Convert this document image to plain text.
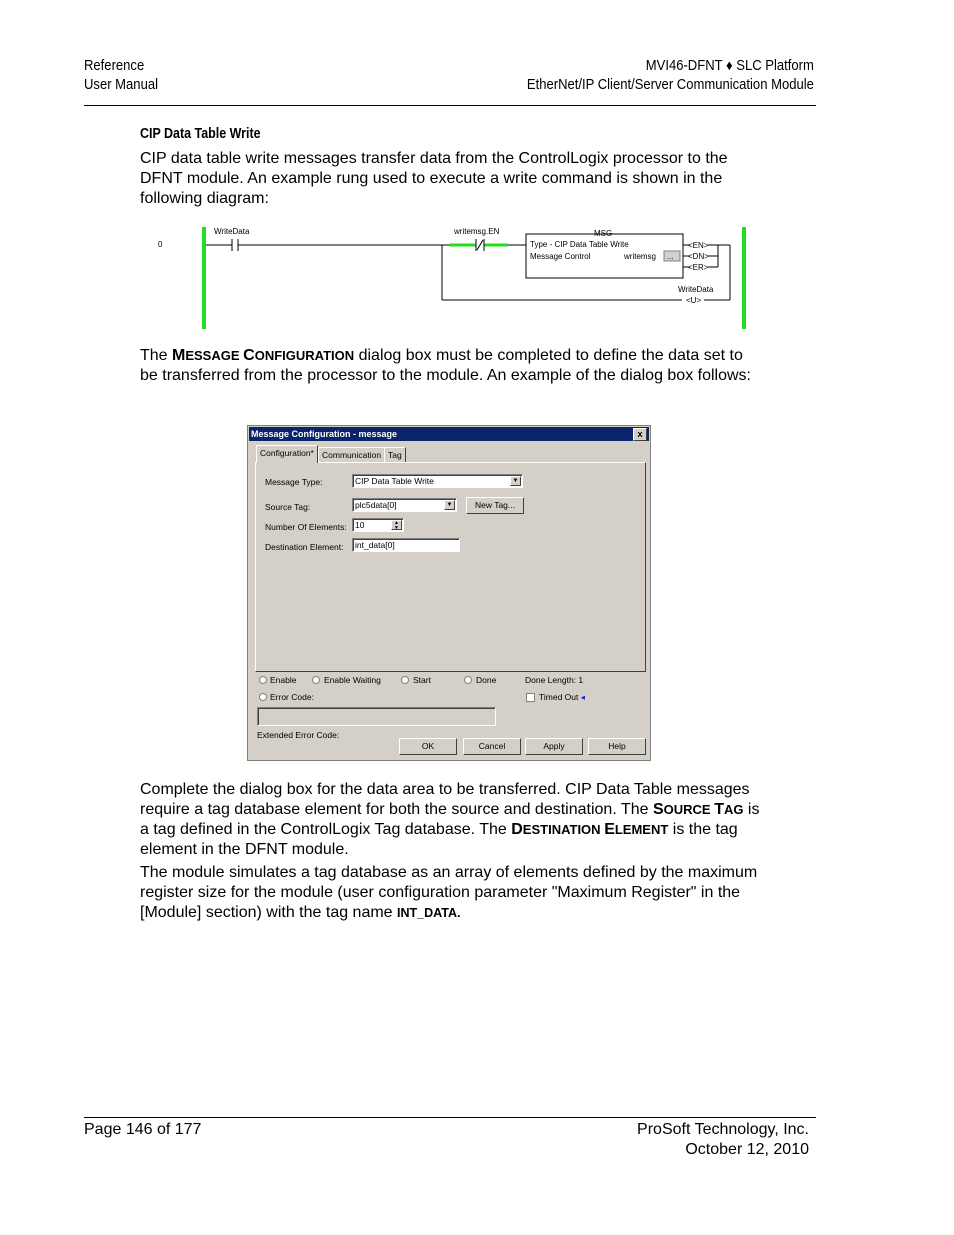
Reference
User Manual
MVI46-DFNT ♦ SLC Platform
EtherNet/IP Client/Server Communication Module
CIP Data Table Write
CIP data table write messages transfer data from the ControlLogix processor to the DFNT module. An example rung used to execute a write command is shown in the following diagram:
0
WriteData	writemsg.EN	MSG
Type - CIP Data Table Write
Message Control	writemsg ...
<EN>
<DN>
<ER>
WriteData
<U>
The MESSAGE CONFIGURATION dialog box must be completed to define the data set to be transferred from the processor to the module. An example of the dialog box follows:
Message Configuration - message	x
Configuration* Communication Tag
Message Type:	CIP Data Table Write	▼
Source Tag:	plc5data[0]	▼	New Tag...
Number Of Elements: 10	▲
▼
Destination Element:	int_data[0]
Enable	Enable Waiting	Start	Done	Done Length: 1
Error Code:	Timed Out ◂
Extended Error Code:
OK	Cancel	Apply	Help
Complete the dialog box for the data area to be transferred. CIP Data Table messages require a tag database element for both the source and destination. The SOURCE TAG is a tag defined in the ControlLogix Tag database. The DESTINATION ELEMENT is the tag element in the DFNT module.
The module simulates a tag database as an array of elements defined by the maximum register size for the module (user configuration parameter "Maximum Register" in the [Module] section) with the tag name INT_DATA.
Page 146 of 177	ProSoft Technology, Inc.
October 12, 2010
